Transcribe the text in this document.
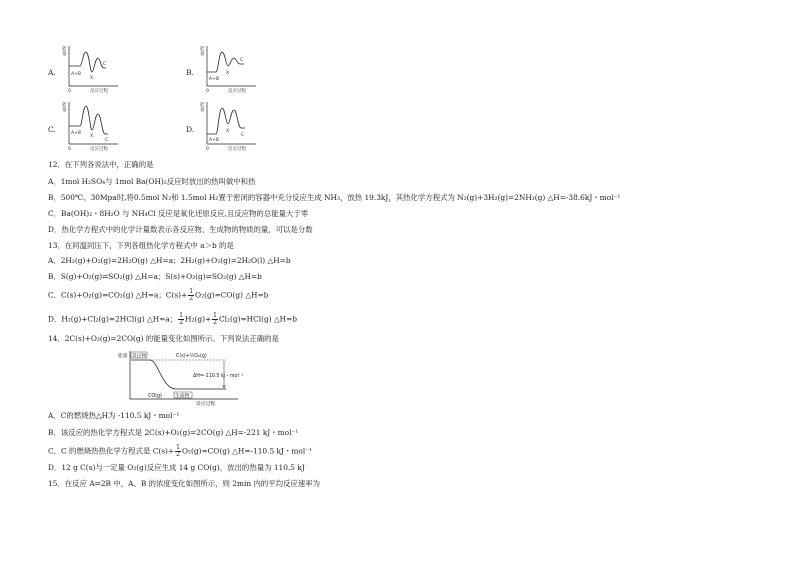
A.
能
量
A+B
X
C
0	反应过程
B.
能
量
A+B
X
C
0	反应过程
C.
能
量
A+B
X
C
0	反应过程
D.
能
量
A+B
X
C
0	反应过程
12．在下列各说法中，正确的是
A．1mol H₂SO₄与 1mol Ba(OH)₂反应时放出的热叫做中和热
B．500℃、30Mpa时,将0.5mol N₂和 1.5mol H₂置于密闭的容器中充分反应生成 NH₃，放热 19.3kJ，其热化学方程式为 N₂(g)+3H₂(g)=2NH₃(g) △H=-38.6kJ・mol⁻¹
C．Ba(OH)₂・8H₂O 与 NH₄Cl 反应是氧化还原反应,且反应物的总能量大于零
D．热化学方程式中的化学计量数表示各反应物、生成物的物质的量，可以是分数
13．在同温同压下，下列各组热化学方程式中 a＞b 的是
A．2H₂(g)+O₂(g)=2H₂O(g) △H=a；2H₂(g)+O₂(g)=2H₂O(l) △H=b
B．S(g)+O₂(g)⇌SO₂(g) △H=a；S(s)+O₂(g)⇌SO₂(g) △H=b
C．C(s)+O₂(g)=CO₂(g) △H=a；$C(s)+ \frac{1}{2} O_2(g)=CO(g)$ △H=b
D．H₂(g)+Cl₂(g)=2HCl(g) △H=a； $\frac{1}{2} H_2(g)+ \frac{1}{2} Cl_2(g)=HCl(g)$ △H=b
14．2C(s)+O₂(g)=2CO(g) 的能量变化如图所示。下列说法正确的是
能量 反应物	C(s)+½O₂(g)
ΔH=-110.5 kJ・mol⁻¹
CO(g)	生成物
反应过程
A．C的燃烧热△H为 -110.5 kJ・mol⁻¹
B．该反应的热化学方程式是 2C(s)+O₂(g)=2CO(g) △H=-221 kJ・mol⁻¹
C．C 的燃烧热热化学方程式是 $C(s)+ \frac{1}{2} O_2(g)=CO(g)$ △H=-110.5 kJ・mol⁻¹
D．12 g C(s)与一定量 O₂(g)反应生成 14 g CO(g)，放出的热量为 110.5 kJ
15．在反应 A⇌2B 中，A、B 的浓度变化如图所示，则 2min 内的平均反应速率为
